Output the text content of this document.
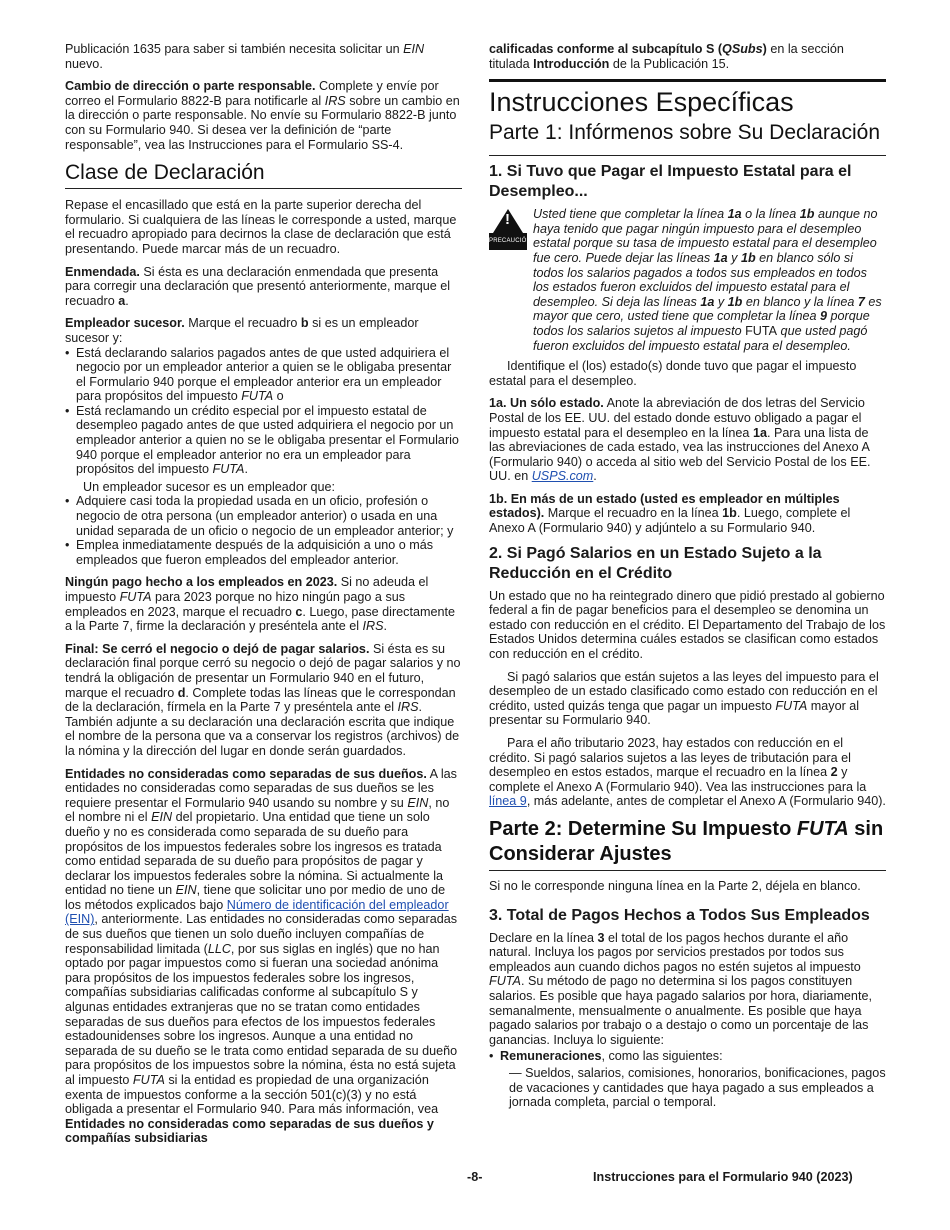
Publicación 1635 para saber si también necesita solicitar un EIN nuevo.

Cambio de dirección o parte responsable. Complete y envíe por correo el Formulario 8822-B para notificarle al IRS sobre un cambio en la dirección o parte responsable. No envíe su Formulario 8822-B junto con su Formulario 940. Si desea ver la definición de “parte responsable”, vea las Instrucciones para el Formulario SS-4.

Clase de Declaración

Repase el encasillado que está en la parte superior derecha del formulario. Si cualquiera de las líneas le corresponde a usted, marque el recuadro apropiado para decirnos la clase de declaración que está presentando. Puede marcar más de un recuadro.

Enmendada. Si ésta es una declaración enmendada que presenta para corregir una declaración que presentó anteriormente, marque el recuadro a.

Empleador sucesor. Marque el recuadro b si es un empleador sucesor y:
• Está declarando salarios pagados antes de que usted adquiriera el negocio por un empleador anterior a quien se le obligaba presentar el Formulario 940 porque el empleador anterior era un empleador para propósitos del impuesto FUTA o
• Está reclamando un crédito especial por el impuesto estatal de desempleo pagado antes de que usted adquiriera el negocio por un empleador anterior a quien no se le obligaba presentar el Formulario 940 porque el empleador anterior no era un empleador para propósitos del impuesto FUTA.
Un empleador sucesor es un empleador que:
• Adquiere casi toda la propiedad usada en un oficio, profesión o negocio de otra persona (un empleador anterior) o usada en una unidad separada de un oficio o negocio de un empleador anterior; y
• Emplea inmediatamente después de la adquisición a uno o más empleados que fueron empleados del empleador anterior.

Ningún pago hecho a los empleados en 2023. Si no adeuda el impuesto FUTA para 2023 porque no hizo ningún pago a sus empleados en 2023, marque el recuadro c. Luego, pase directamente a la Parte 7, firme la declaración y preséntela ante el IRS.

Final: Se cerró el negocio o dejó de pagar salarios. Si ésta es su declaración final porque cerró su negocio o dejó de pagar salarios y no tendrá la obligación de presentar un Formulario 940 en el futuro, marque el recuadro d. Complete todas las líneas que le correspondan de la declaración, fírmela en la Parte 7 y preséntela ante el IRS. También adjunte a su declaración una declaración escrita que indique el nombre de la persona que va a conservar los registros (archivos) de la nómina y la dirección del lugar en donde serán guardados.

Entidades no consideradas como separadas de sus dueños. A las entidades no consideradas como separadas de sus dueños se les requiere presentar el Formulario 940 usando su nombre y su EIN, no el nombre ni el EIN del propietario. Una entidad que tiene un solo dueño y no es considerada como separada de su dueño para propósitos de los impuestos federales sobre los ingresos es tratada como entidad separada de su dueño para propósitos de pagar y declarar los impuestos federales sobre la nómina. Si actualmente la entidad no tiene un EIN, tiene que solicitar uno por medio de uno de los métodos explicados bajo Número de identificación del empleador (EIN), anteriormente. Las entidades no consideradas como separadas de sus dueños que tienen un solo dueño incluyen compañías de responsabilidad limitada (LLC, por sus siglas en inglés) que no han optado por pagar impuestos como si fueran una sociedad anónima para propósitos de los impuestos federales sobre los ingresos, compañías subsidiarias calificadas conforme al subcapítulo S y algunas entidades extranjeras que no se tratan como entidades separadas de sus dueños para efectos de los impuestos federales estadounidenses sobre los ingresos. Aunque a una entidad no separada de su dueño se le trata como entidad separada de su dueño para propósitos de los impuestos sobre la nómina, ésta no está sujeta al impuesto FUTA si la entidad es propiedad de una organización exenta de impuestos conforme a la sección 501(c)(3) y no está obligada a presentar el Formulario 940. Para más información, vea Entidades no consideradas como separadas de sus dueños y compañías subsidiarias

calificadas conforme al subcapítulo S (QSubs) en la sección titulada Introducción de la Publicación 15.

Instrucciones Específicas
Parte 1: Infórmenos sobre Su Declaración
1. Si Tuvo que Pagar el Impuesto Estatal para el Desempleo...
!
PRECAUCIÓN
Usted tiene que completar la línea 1a o la línea 1b aunque no haya tenido que pagar ningún impuesto para el desempleo estatal porque su tasa de impuesto estatal para el desempleo fue cero. Puede dejar las líneas 1a y 1b en blanco sólo si todos los salarios pagados a todos sus empleados en todos los estados fueron excluidos del impuesto estatal para el desempleo. Si deja las líneas 1a y 1b en blanco y la línea 7 es mayor que cero, usted tiene que completar la línea 9 porque todos los salarios sujetos al impuesto FUTA que usted pagó fueron excluidos del impuesto estatal para el desempleo.

Identifique el (los) estado(s) donde tuvo que pagar el impuesto estatal para el desempleo.

1a. Un sólo estado. Anote la abreviación de dos letras del Servicio Postal de los EE. UU. del estado donde estuvo obligado a pagar el impuesto estatal para el desempleo en la línea 1a. Para una lista de las abreviaciones de cada estado, vea las instrucciones del Anexo A (Formulario 940) o acceda al sitio web del Servicio Postal de los EE. UU. en USPS.com.

1b. En más de un estado (usted es empleador en múltiples estados). Marque el recuadro en la línea 1b. Luego, complete el Anexo A (Formulario 940) y adjúntelo a su Formulario 940.

2. Si Pagó Salarios en un Estado Sujeto a la Reducción en el Crédito

Un estado que no ha reintegrado dinero que pidió prestado al gobierno federal a fin de pagar beneficios para el desempleo se denomina un estado con reducción en el crédito. El Departamento del Trabajo de los Estados Unidos determina cuáles estados se clasifican como estados con reducción en el crédito.

Si pagó salarios que están sujetos a las leyes del impuesto para el desempleo de un estado clasificado como estado con reducción en el crédito, usted quizás tenga que pagar un impuesto FUTA mayor al presentar su Formulario 940.

Para el año tributario 2023, hay estados con reducción en el crédito. Si pagó salarios sujetos a las leyes de tributación para el desempleo en estos estados, marque el recuadro en la línea 2 y complete el Anexo A (Formulario 940). Vea las instrucciones para la línea 9, más adelante, antes de completar el Anexo A (Formulario 940).

Parte 2: Determine Su Impuesto FUTA sin Considerar Ajustes

Si no le corresponde ninguna línea en la Parte 2, déjela en blanco.

3. Total de Pagos Hechos a Todos Sus Empleados

Declare en la línea 3 el total de los pagos hechos durante el año natural. Incluya los pagos por servicios prestados por todos sus empleados aun cuando dichos pagos no estén sujetos al impuesto FUTA. Su método de pago no determina si los pagos constituyen salarios. Es posible que haya pagado salarios por hora, diariamente, semanalmente, mensualmente o anualmente. Es posible que haya pagado salarios por trabajo o a destajo o como un porcentaje de las ganancias. Incluya lo siguiente:

• Remuneraciones, como las siguientes:
— Sueldos, salarios, comisiones, honorarios, bonificaciones, pagos de vacaciones y cantidades que haya pagado a sus empleados a jornada completa, parcial o temporal.
-8-	Instrucciones para el Formulario 940 (2023)
